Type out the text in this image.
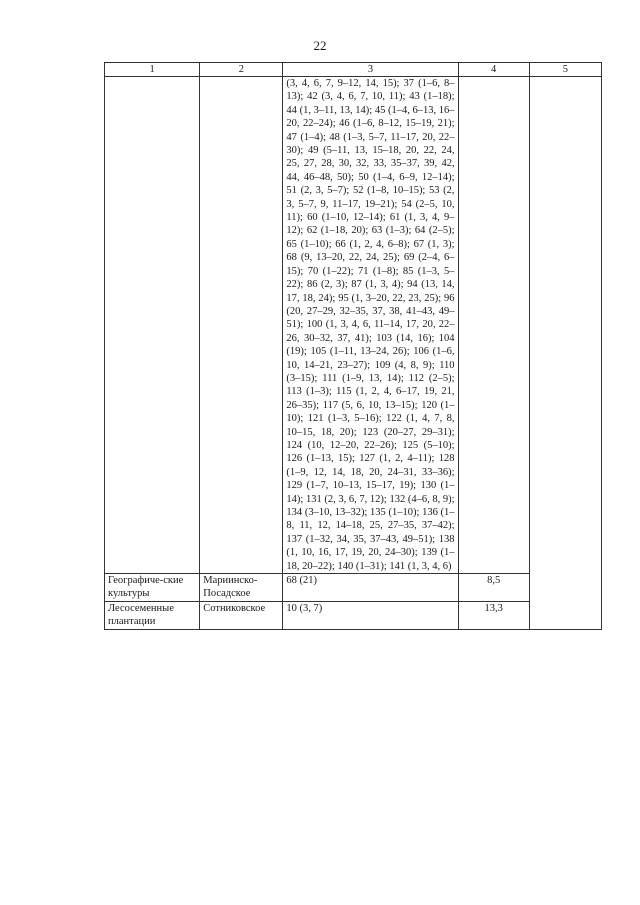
22
1	2	3	4	5
		(3, 4, 6, 7, 9–12, 14, 15); 37 (1–6, 8–13); 42 (3, 4, 6, 7, 10, 11); 43 (1–18); 44 (1, 3–11, 13, 14); 45 (1–4, 6–13, 16–20, 22–24); 46 (1–6, 8–12, 15–19, 21); 47 (1–4); 48 (1–3, 5–7, 11–17, 20, 22–30); 49 (5–11, 13, 15–18, 20, 22, 24, 25, 27, 28, 30, 32, 33, 35–37, 39, 42, 44, 46–48, 50); 50 (1–4, 6–9, 12–14); 51 (2, 3, 5–7); 52 (1–8, 10–15); 53 (2, 3, 5–7, 9, 11–17, 19–21); 54 (2–5, 10, 11); 60 (1–10, 12–14); 61 (1, 3, 4, 9–12); 62 (1–18, 20); 63 (1–3); 64 (2–5); 65 (1–10); 66 (1, 2, 4, 6–8); 67 (1, 3); 68 (9, 13–20, 22, 24, 25); 69 (2–4, 6–15); 70 (1–22); 71 (1–8); 85 (1–3, 5–22); 86 (2, 3); 87 (1, 3, 4); 94 (13, 14, 17, 18, 24); 95 (1, 3–20, 22, 23, 25); 96 (20, 27–29, 32–35, 37, 38, 41–43, 49–51); 100 (1, 3, 4, 6, 11–14, 17, 20, 22–26, 30–32, 37, 41); 103 (14, 16); 104 (19); 105 (1–11, 13–24, 26); 106 (1–6, 10, 14–21, 23–27); 109 (4, 8, 9); 110 (3–15); 111 (1–9, 13, 14); 112 (2–5); 113 (1–3); 115 (1, 2, 4, 6–17, 19, 21, 26–35); 117 (5, 6, 10, 13–15); 120 (1–10); 121 (1–3, 5–16); 122 (1, 4, 7, 8, 10–15, 18, 20); 123 (20–27, 29–31); 124 (10, 12–20, 22–26); 125 (5–10); 126 (1–13, 15); 127 (1, 2, 4–11); 128 (1–9, 12, 14, 18, 20, 24–31, 33–36); 129 (1–7, 10–13, 15–17, 19); 130 (1–14); 131 (2, 3, 6, 7, 12); 132 (4–6, 8, 9); 134 (3–10, 13–32); 135 (1–10); 136 (1–8, 11, 12, 14–18, 25, 27–35, 37–42); 137 (1–32, 34, 35, 37–43, 49–51); 138 (1, 10, 16, 17, 19, 20, 24–30); 139 (1–18, 20–22); 140 (1–31); 141 (1, 3, 4, 6)		
Географиче-ские культуры	Мариинско-Посадское	68 (21)	8,5	
Лесосеменные плантации	Сотниковское	10 (3, 7)	13,3	
